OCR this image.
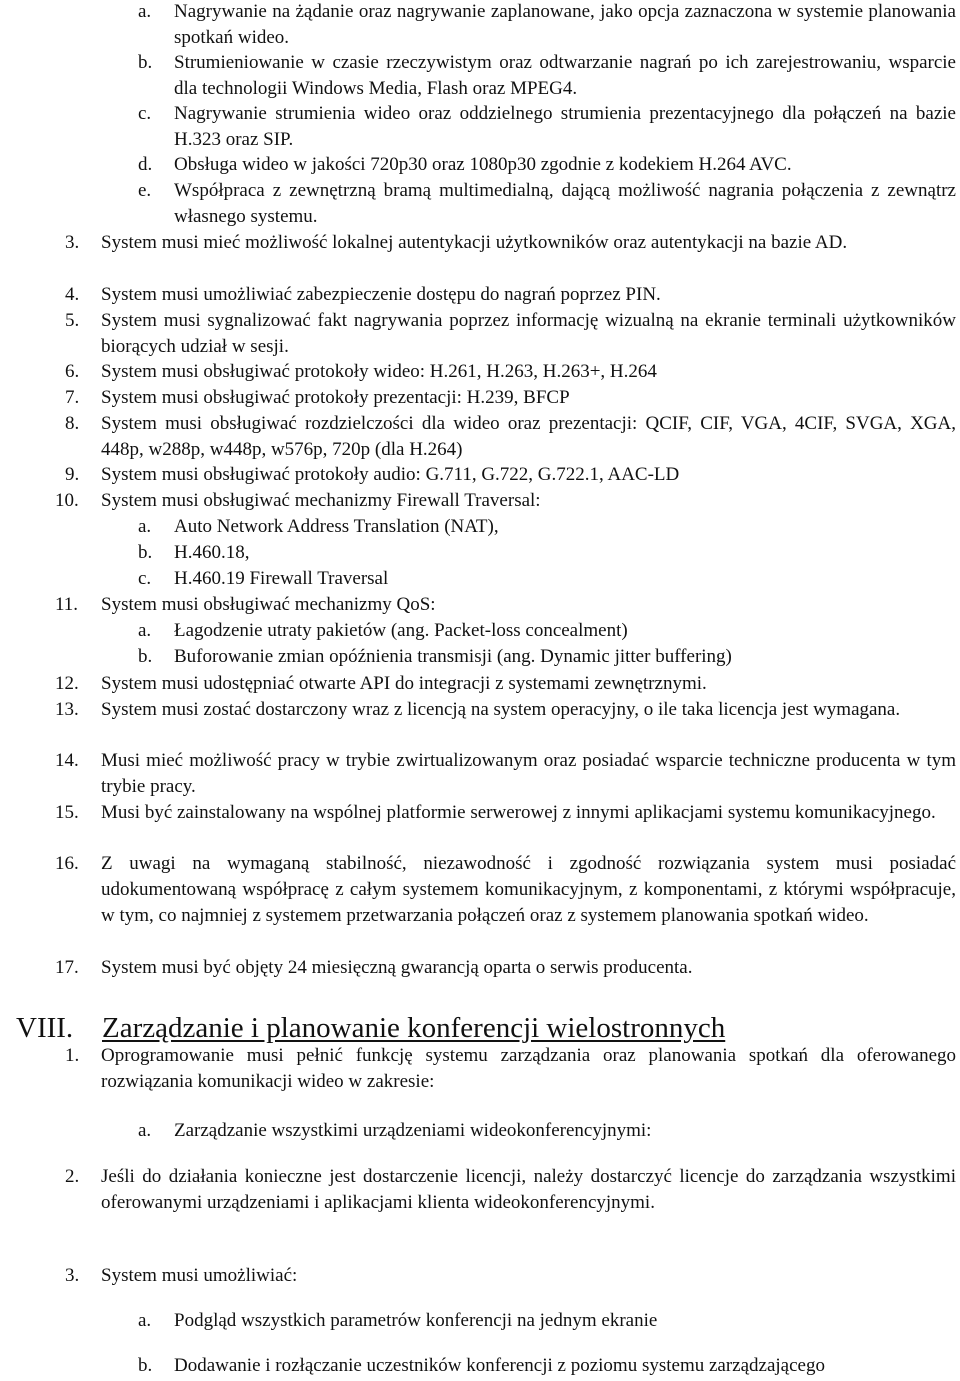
a. Nagrywanie na żądanie oraz nagrywanie zaplanowane, jako opcja zaznaczona w systemie planowania spotkań wideo.
b. Strumieniowanie w czasie rzeczywistym oraz odtwarzanie nagrań po ich zarejestrowaniu, wsparcie dla technologii Windows Media, Flash oraz MPEG4.
c. Nagrywanie strumienia wideo oraz oddzielnego strumienia prezentacyjnego dla połączeń na bazie H.323 oraz SIP.
d. Obsługa wideo w jakości 720p30 oraz 1080p30 zgodnie z kodekiem H.264 AVC.
e. Współpraca z zewnętrzną bramą multimedialną, dającą możliwość nagrania połączenia z zewnątrz własnego systemu.
3. System musi mieć możliwość lokalnej autentykacji użytkowników oraz autentykacji na bazie AD.
4. System musi umożliwiać zabezpieczenie dostępu do nagrań poprzez PIN.
5. System musi sygnalizować fakt nagrywania poprzez informację wizualną na ekranie terminali użytkowników biorących udział w sesji.
6. System musi obsługiwać protokoły wideo: H.261, H.263, H.263+, H.264
7. System musi obsługiwać protokoły prezentacji: H.239, BFCP
8. System musi obsługiwać rozdzielczości dla wideo oraz prezentacji: QCIF, CIF, VGA, 4CIF, SVGA, XGA, 448p, w288p, w448p, w576p, 720p (dla H.264)
9. System musi obsługiwać protokoły audio: G.711, G.722, G.722.1, AAC-LD
10. System musi obsługiwać mechanizmy Firewall Traversal:
a. Auto Network Address Translation (NAT),
b. H.460.18,
c. H.460.19 Firewall Traversal
11. System musi obsługiwać mechanizmy QoS:
a. Łagodzenie utraty pakietów (ang. Packet-loss concealment)
b. Buforowanie zmian opóźnienia transmisji (ang. Dynamic jitter buffering)
12. System musi udostępniać otwarte API do integracji z systemami zewnętrznymi.
13. System musi zostać dostarczony wraz z licencją na system operacyjny, o ile taka licencja jest wymagana.
14. Musi mieć możliwość pracy w trybie zwirtualizowanym oraz posiadać wsparcie techniczne producenta w tym trybie pracy.
15. Musi być zainstalowany na wspólnej platformie serwerowej z innymi aplikacjami systemu komunikacyjnego.
16. Z uwagi na wymaganą stabilność, niezawodność i zgodność rozwiązania system musi posiadać udokumentowaną współpracę z całym systemem komunikacyjnym, z komponentami, z którymi współpracuje, w tym, co najmniej z systemem przetwarzania połączeń oraz z systemem planowania spotkań wideo.
17. System musi być objęty 24 miesięczną gwarancją oparta o serwis producenta.
VIII. Zarządzanie i planowanie konferencji wielostronnych
1. Oprogramowanie musi pełnić funkcję systemu zarządzania oraz planowania spotkań dla oferowanego rozwiązania komunikacji wideo w zakresie:
a. Zarządzanie wszystkimi urządzeniami wideokonferencyjnymi:
2. Jeśli do działania konieczne jest dostarczenie licencji, należy dostarczyć licencje do zarządzania wszystkimi oferowanymi urządzeniami i aplikacjami klienta wideokonferencyjnymi.
3. System musi umożliwiać:
a. Podgląd wszystkich parametrów konferencji na jednym ekranie
b. Dodawanie i rozłączanie uczestników konferencji z poziomu systemu zarządzającego
